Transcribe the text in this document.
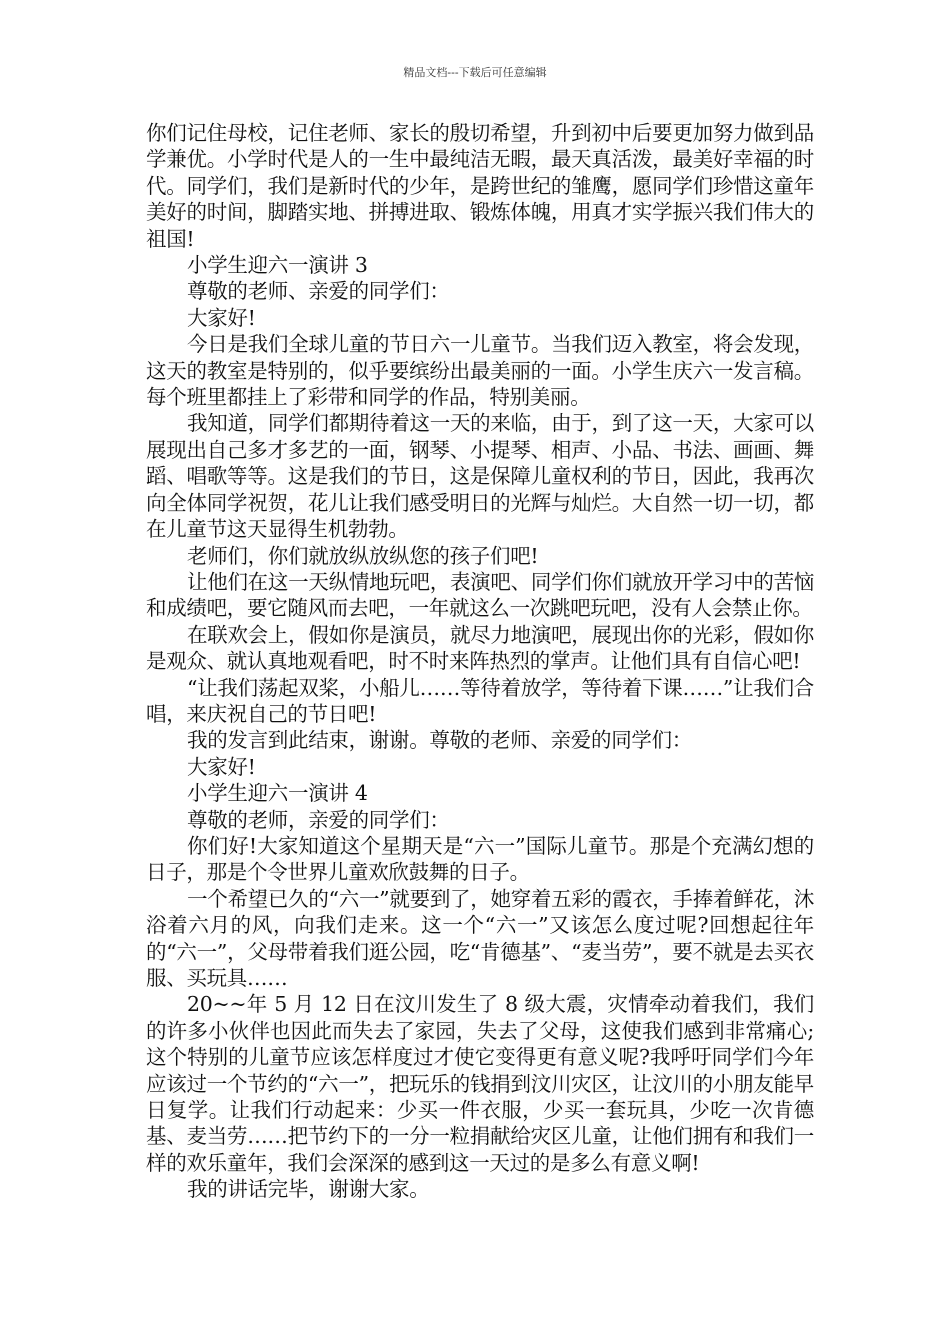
精品文档---下载后可任意编辑

你们记住母校，记住老师、家长的殷切希望，升到初中后要更加努力做到品学兼优。小学时代是人的一生中最纯洁无暇，最天真活泼，最美好幸福的时代。同学们，我们是新时代的少年，是跨世纪的雏鹰，愿同学们珍惜这童年美好的时间，脚踏实地、拼搏进取、锻炼体魄，用真才实学振兴我们伟大的祖国!

小学生迎六一演讲 3

尊敬的老师、亲爱的同学们：

大家好!

今日是我们全球儿童的节日六一儿童节。当我们迈入教室，将会发现，这天的教室是特别的，似乎要缤纷出最美丽的一面。小学生庆六一发言稿。每个班里都挂上了彩带和同学的作品，特别美丽。

我知道，同学们都期待着这一天的来临，由于，到了这一天，大家可以展现出自己多才多艺的一面，钢琴、小提琴、相声、小品、书法、画画、舞蹈、唱歌等等。这是我们的节日，这是保障儿童权利的节日，因此，我再次向全体同学祝贺，花儿让我们感受明日的光辉与灿烂。大自然一切一切，都在儿童节这天显得生机勃勃。

老师们，你们就放纵放纵您的孩子们吧!

让他们在这一天纵情地玩吧，表演吧、同学们你们就放开学习中的苦恼和成绩吧，要它随风而去吧，一年就这么一次跳吧玩吧，没有人会禁止你。

在联欢会上，假如你是演员，就尽力地演吧，展现出你的光彩，假如你是观众、就认真地观看吧，时不时来阵热烈的掌声。让他们具有自信心吧!

“让我们荡起双桨，小船儿……等待着放学，等待着下课……”让我们合唱，来庆祝自己的节日吧!

我的发言到此结束，谢谢。尊敬的老师、亲爱的同学们：

大家好!

小学生迎六一演讲 4

尊敬的老师，亲爱的同学们：

你们好!大家知道这个星期天是“六一”国际儿童节。那是个充满幻想的日子，那是个令世界儿童欢欣鼓舞的日子。

一个希望已久的“六一”就要到了，她穿着五彩的霞衣，手捧着鲜花，沐浴着六月的风，向我们走来。这一个“六一”又该怎么度过呢?回想起往年的“六一”，父母带着我们逛公园，吃“肯德基”、“麦当劳”，要不就是去买衣服、买玩具……

20~~年 5 月 12 日在汶川发生了 8 级大震，灾情牵动着我们，我们的许多小伙伴也因此而失去了家园，失去了父母，这使我们感到非常痛心;这个特别的儿童节应该怎样度过才使它变得更有意义呢?我呼吁同学们今年应该过一个节约的“六一”，把玩乐的钱捐到汶川灾区，让汶川的小朋友能早日复学。让我们行动起来：少买一件衣服，少买一套玩具，少吃一次肯德基、麦当劳……把节约下的一分一粒捐献给灾区儿童，让他们拥有和我们一样的欢乐童年，我们会深深的感到这一天过的是多么有意义啊!

我的讲话完毕，谢谢大家。
